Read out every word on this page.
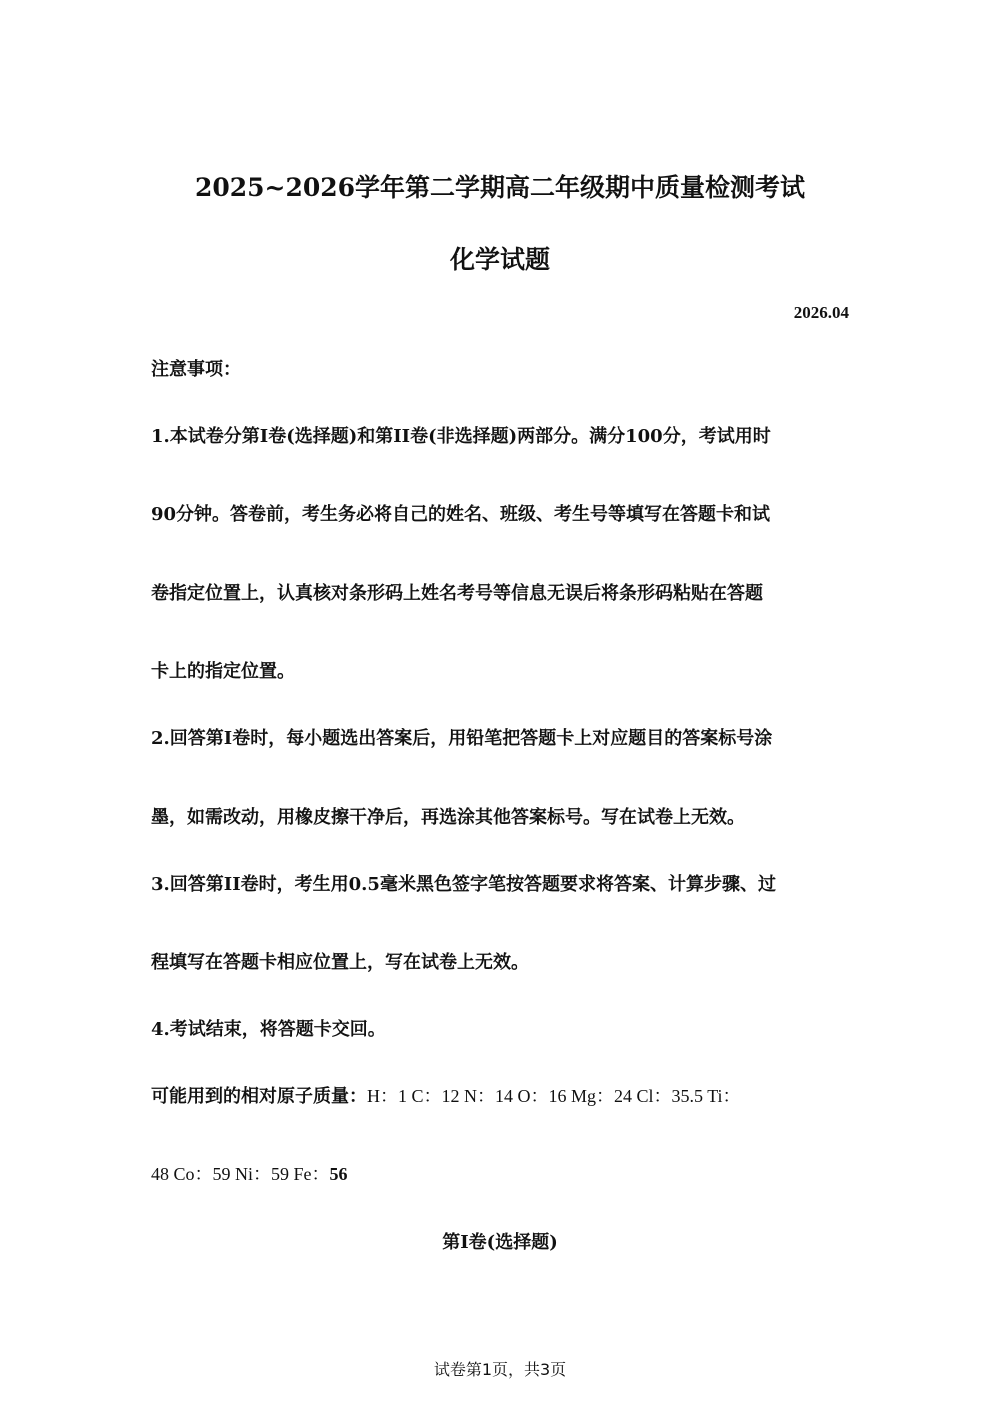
2025~2026学年第二学期高二年级期中质量检测考试
化学试题
2026.04
注意事项：
1.本试卷分第I卷(选择题)和第II卷(非选择题)两部分。满分100分，考试用时
90分钟。答卷前，考生务必将自己的姓名、班级、考生号等填写在答题卡和试
卷指定位置上，认真核对条形码上姓名考号等信息无误后将条形码粘贴在答题
卡上的指定位置。
2.回答第I卷时，每小题选出答案后，用铅笔把答题卡上对应题目的答案标号涂
墨，如需改动，用橡皮擦干净后，再选涂其他答案标号。写在试卷上无效。
3.回答第II卷时，考生用0.5毫米黑色签字笔按答题要求将答案、计算步骤、过
程填写在答题卡相应位置上，写在试卷上无效。
4.考试结束，将答题卡交回。
可能用到的相对原子质量：H：1 C：12 N：14 O：16 Mg：24 Cl：35.5 Ti：
48 Co：59 Ni：59 Fe：56
第I卷(选择题)
试卷第1页，共3页
